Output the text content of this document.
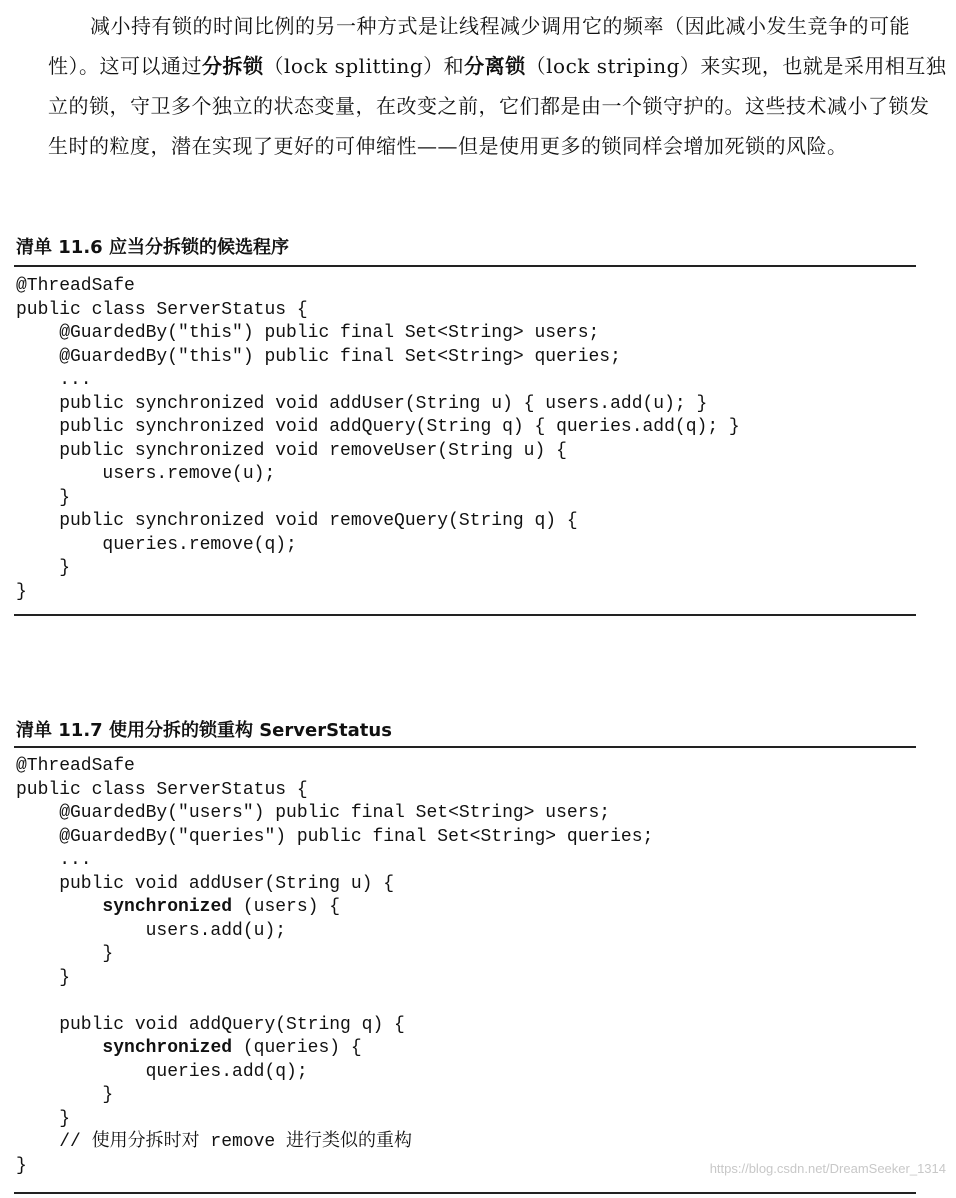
减小持有锁的时间比例的另一种方式是让线程减少调用它的频率（因此减小发生竞争的可能性）。这可以通过分拆锁（lock splitting）和分离锁（lock striping）来实现，也就是采用相互独立的锁，守卫多个独立的状态变量，在改变之前，它们都是由一个锁守护的。这些技术减小了锁发生时的粒度，潜在实现了更好的可伸缩性——但是使用更多的锁同样会增加死锁的风险。
清单 11.6 应当分拆锁的候选程序
@ThreadSafe
public class ServerStatus {
@GuardedBy("this") public final Set<String> users;
@GuardedBy("this") public final Set<String> queries;
...
public synchronized void addUser(String u) { users.add(u); }
public synchronized void addQuery(String q) { queries.add(q); }
public synchronized void removeUser(String u) {
users.remove(u);
}
public synchronized void removeQuery(String q) {
queries.remove(q);
}
}
清单 11.7 使用分拆的锁重构 ServerStatus
@ThreadSafe
public class ServerStatus {
@GuardedBy("users") public final Set<String> users;
@GuardedBy("queries") public final Set<String> queries;
...
public void addUser(String u) {
synchronized (users) {
users.add(u);
}
}
public void addQuery(String q) {
synchronized (queries) {
queries.add(q);
}
}
// 使用分拆时对 remove 进行类似的重构
}	https://blog.csdn.net/DreamSeeker_1314
